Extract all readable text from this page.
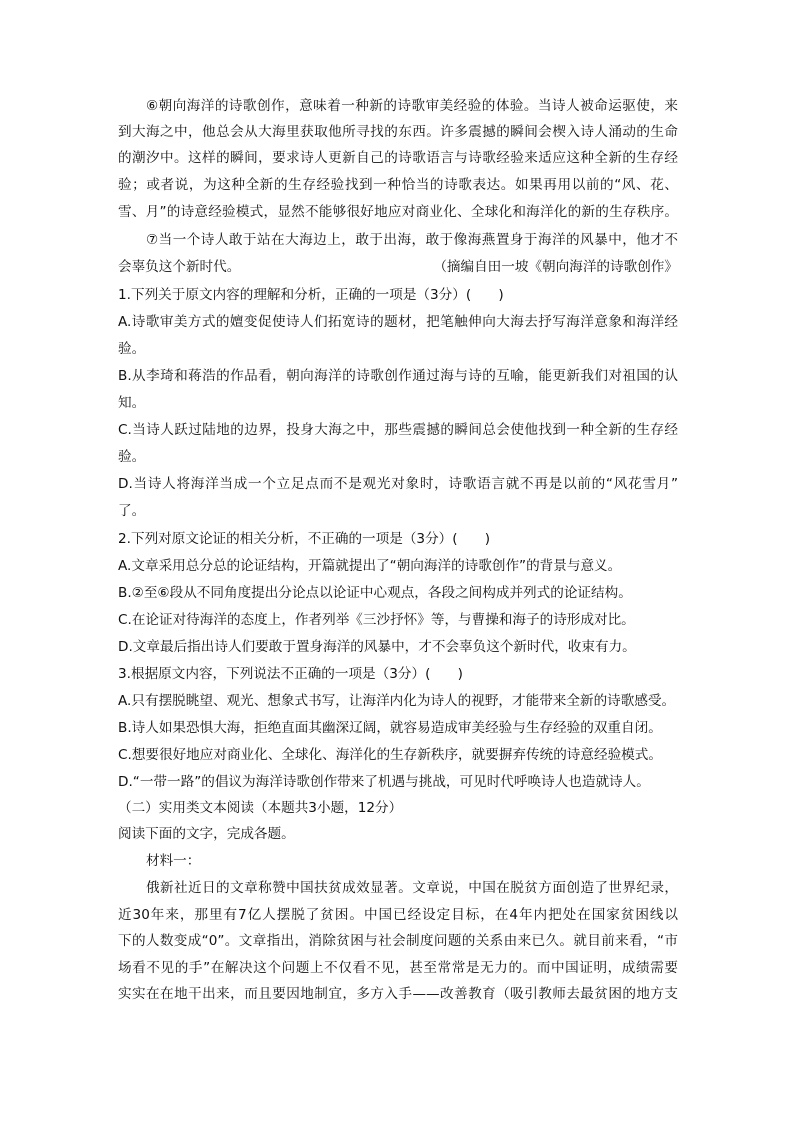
⑥朝向海洋的诗歌创作，意味着一种新的诗歌审美经验的体验。当诗人被命运驱使，来
到大海之中，他总会从大海里获取他所寻找的东西。许多震撼的瞬间会楔入诗人涌动的生命
的潮汐中。这样的瞬间，要求诗人更新自己的诗歌语言与诗歌经验来适应这种全新的生存经
验；或者说，为这种全新的生存经验找到一种恰当的诗歌表达。如果再用以前的“风、花、
雪、月”的诗意经验模式，显然不能够很好地应对商业化、全球化和海洋化的新的生存秩序。
⑦当一个诗人敢于站在大海边上，敢于出海，敢于像海燕置身于海洋的风暴中，他才不
会辜负这个新时代。	（摘编自田一坡《朝向海洋的诗歌创作》
1.下列关于原文内容的理解和分析，正确的一项是（3分）(　　)
A.诗歌审美方式的嬗变促使诗人们拓宽诗的题材，把笔触伸向大海去抒写海洋意象和海洋经
验。
B.从李琦和蒋浩的作品看，朝向海洋的诗歌创作通过海与诗的互喻，能更新我们对祖国的认
知。
C.当诗人跃过陆地的边界，投身大海之中，那些震撼的瞬间总会使他找到一种全新的生存经
验。
D.当诗人将海洋当成一个立足点而不是观光对象时，诗歌语言就不再是以前的“风花雪月”
了。
2.下列对原文论证的相关分析，不正确的一项是（3分）(　　)
A.文章采用总分总的论证结构，开篇就提出了“朝向海洋的诗歌创作”的背景与意义。
B.②至⑥段从不同角度提出分论点以论证中心观点，各段之间构成并列式的论证结构。
C.在论证对待海洋的态度上，作者列举《三沙抒怀》等，与曹操和海子的诗形成对比。
D.文章最后指出诗人们要敢于置身海洋的风暴中，才不会辜负这个新时代，收束有力。
3.根据原文内容，下列说法不正确的一项是（3分）(　　)
A.只有摆脱眺望、观光、想象式书写，让海洋内化为诗人的视野，才能带来全新的诗歌感受。
B.诗人如果恐惧大海，拒绝直面其幽深辽阔，就容易造成审美经验与生存经验的双重自闭。
C.想要很好地应对商业化、全球化、海洋化的生存新秩序，就要摒弃传统的诗意经验模式。
D.“一带一路”的倡议为海洋诗歌创作带来了机遇与挑战，可见时代呼唤诗人也造就诗人。
（二）实用类文本阅读（本题共3小题，12分）
阅读下面的文字，完成各题。
材料一：
俄新社近日的文章称赞中国扶贫成效显著。文章说，中国在脱贫方面创造了世界纪录，
近30年来，那里有7亿人摆脱了贫困。中国已经设定目标，在4年内把处在国家贫困线以
下的人数变成“0”。文章指出，消除贫困与社会制度问题的关系由来已久。就目前来看，“市
场看不见的手”在解决这个问题上不仅看不见，甚至常常是无力的。而中国证明，成绩需要
实实在在地干出来，而且要因地制宜，多方入手——改善教育（吸引教师去最贫困的地方支
